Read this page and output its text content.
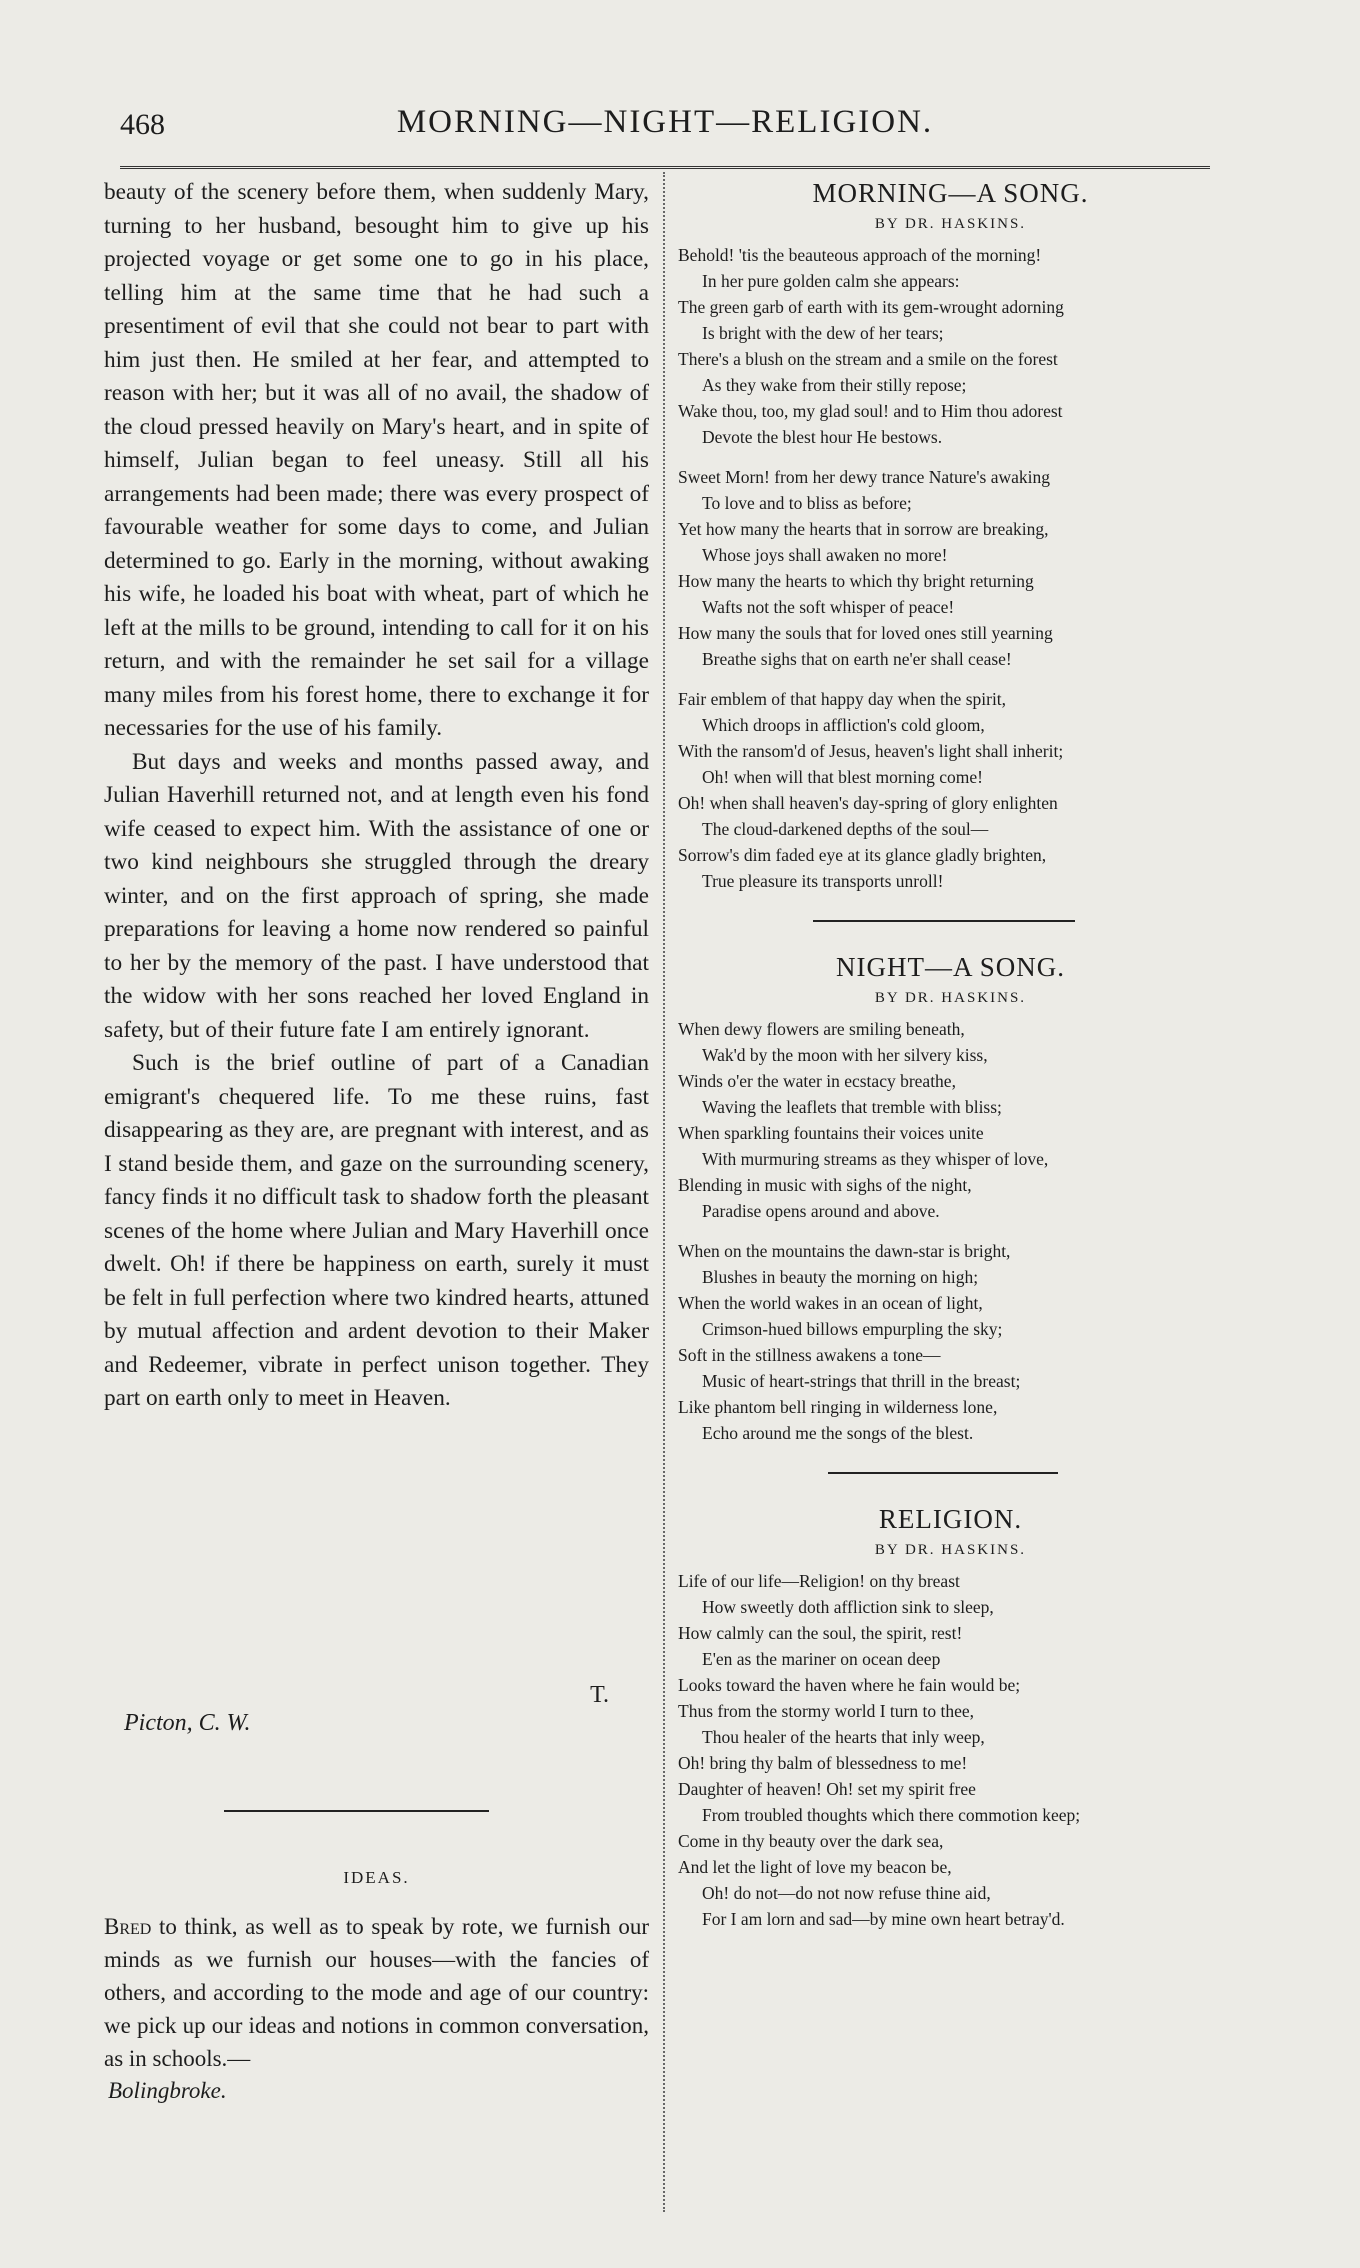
468	MORNING—NIGHT—RELIGION.

beauty of the scenery before them, when suddenly Mary, turning to her husband, besought him to give up his projected voyage or get some one to go in his place, telling him at the same time that he had such a presentiment of evil that she could not bear to part with him just then. He smiled at her fear, and attempted to reason with her; but it was all of no avail, the shadow of the cloud pressed heavily on Mary's heart, and in spite of himself, Julian began to feel uneasy. Still all his arrangements had been made; there was every prospect of favourable weather for some days to come, and Julian determined to go. Early in the morning, without awaking his wife, he loaded his boat with wheat, part of which he left at the mills to be ground, intending to call for it on his return, and with the remainder he set sail for a village many miles from his forest home, there to exchange it for necessaries for the use of his family.

But days and weeks and months passed away, and Julian Haverhill returned not, and at length even his fond wife ceased to expect him. With the assistance of one or two kind neighbours she struggled through the dreary winter, and on the first approach of spring, she made preparations for leaving a home now rendered so painful to her by the memory of the past. I have understood that the widow with her sons reached her loved England in safety, but of their future fate I am entirely ignorant.

Such is the brief outline of part of a Canadian emigrant's chequered life. To me these ruins, fast disappearing as they are, are pregnant with interest, and as I stand beside them, and gaze on the surrounding scenery, fancy finds it no difficult task to shadow forth the pleasant scenes of the home where Julian and Mary Haverhill once dwelt. Oh! if there be happiness on earth, surely it must be felt in full perfection where two kindred hearts, attuned by mutual affection and ardent devotion to their Maker and Redeemer, vibrate in perfect unison together. They part on earth only to meet in Heaven.

T.
Picton, C. W.
IDEAS.

Bred to think, as well as to speak by rote, we furnish our minds as we furnish our houses—with the fancies of others, and according to the mode and age of our country: we pick up our ideas and notions in common conversation, as in schools.—

Bolingbroke.
MORNING—A SONG.
BY DR. HASKINS.
Behold! 'tis the beauteous approach of the morning!
In her pure golden calm she appears:
The green garb of earth with its gem-wrought adorning
Is bright with the dew of her tears;
There's a blush on the stream and a smile on the forest
As they wake from their stilly repose;
Wake thou, too, my glad soul! and to Him thou adorest
Devote the blest hour He bestows.
Sweet Morn! from her dewy trance Nature's awaking
To love and to bliss as before;
Yet how many the hearts that in sorrow are breaking,
Whose joys shall awaken no more!
How many the hearts to which thy bright returning
Wafts not the soft whisper of peace!
How many the souls that for loved ones still yearning
Breathe sighs that on earth ne'er shall cease!
Fair emblem of that happy day when the spirit,
Which droops in affliction's cold gloom,
With the ransom'd of Jesus, heaven's light shall inherit;
Oh! when will that blest morning come!
Oh! when shall heaven's day-spring of glory enlighten
The cloud-darkened depths of the soul—
Sorrow's dim faded eye at its glance gladly brighten,
True pleasure its transports unroll!
NIGHT—A SONG.
BY DR. HASKINS.
When dewy flowers are smiling beneath,
Wak'd by the moon with her silvery kiss,
Winds o'er the water in ecstacy breathe,
Waving the leaflets that tremble with bliss;
When sparkling fountains their voices unite
With murmuring streams as they whisper of love,
Blending in music with sighs of the night,
Paradise opens around and above.
When on the mountains the dawn-star is bright,
Blushes in beauty the morning on high;
When the world wakes in an ocean of light,
Crimson-hued billows empurpling the sky;
Soft in the stillness awakens a tone—
Music of heart-strings that thrill in the breast;
Like phantom bell ringing in wilderness lone,
Echo around me the songs of the blest.
RELIGION.
BY DR. HASKINS.
Life of our life—Religion! on thy breast
How sweetly doth affliction sink to sleep,
How calmly can the soul, the spirit, rest!
E'en as the mariner on ocean deep
Looks toward the haven where he fain would be;
Thus from the stormy world I turn to thee,
Thou healer of the hearts that inly weep,
Oh! bring thy balm of blessedness to me!
Daughter of heaven! Oh! set my spirit free
From troubled thoughts which there commotion keep;
Come in thy beauty over the dark sea,
And let the light of love my beacon be,
Oh! do not—do not now refuse thine aid,
For I am lorn and sad—by mine own heart betray'd.
